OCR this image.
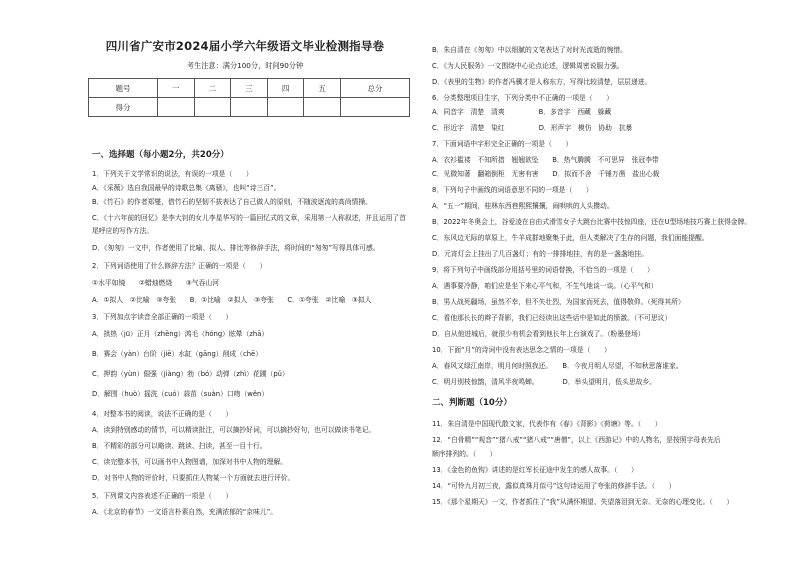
四川省广安市2024届小学六年级语文毕业检测指导卷
考生注意：满分100分，时间90分钟
题号	一	二	三	四	五	总分
得分						
一、选择题（每小题2分，共20分）
1．下列关于文学常识的说法，有误的一项是（　　）
A．《采薇》选自我国最早的诗歌总集《离骚》，也叫“诗三百”。
B．《竹石》的作者郑燮，借竹石的坚韧不拔表达了自己做人的原则，不随波逐流的高尚情操。
C．《十六年前的回忆》是李大钊的女儿李星华写的一篇回忆式的文章，采用第一人称叙述，并且运用了首
尾呼应的写作方法。
D．《匆匆》一文中，作者使用了比喻、拟人、排比等修辞手法，将时间的“匆匆”写得具体可感。
2．下列词语使用了什么修辞方法？正确的一项是（　　）
①水平如镜　　②蜡烛燃烧　　③气吞山河
A．①拟人　②比喻　③夸张　　B．①比喻　②拟人　③夸张　　C．①夸张　②比喻　③拟人
3．下列加点字读音全部正确的一项是（　　）
A．拱热（jū）正月（zhēng）鸿毛（hóng）眩晕（zhā）
B．赛会（yàn）台阶（jiē）水缸（gāng）削成（chē）
C．押韵（yùn）倔强（jiàng）勃（bó）动弹（zhì）花圃（pǔ）
D．解围（huò）摇洗（cuó）蒜苗（suàn）口吻（wěn）
4．对整本书的阅读，说法不正确的是（　　）
A．读到特别感动的情节，可以精读批注，可以摘抄好词，可以摘抄好句，也可以做读书笔记。
B．不精彩的部分可以略读、跳读、扫读，甚至一目十行。
C．读完整本书，可以画书中人物图谱，加深对书中人物的理解。
D．对书中人物的评价时，只要抓住人物某一个方面就去进行评价。
5．下列课文内容表述不正确的一项是（　　）
A．《北京的春节》一文语言朴素自然，充满浓郁的“京味儿”。
B．朱自清在《匆匆》中以细腻的文笔表达了对时光流逝的惋惜。
C．《为人民服务》一文围绕中心论点论述，逻辑周密说服力强。
D．《表里的生物》的作者冯骥才是人称东方，写得比较清楚，层层递进。
6．分类整理项目生字，下列分类中不正确的一项是（　　）
A．同音字　清楚　清爽　　　　　B．多音字　西藏　躲藏
C．形近字　清楚　染红　　　　　D．形声字　模仿　协助　抗暴
7．下面词语中字形完全正确的一项是（　　）
A．衣衫褴褛　不知所措　翘翘欲坠　　B．热气腾腾　不可思异　张冠李带
C．见微知著　翻箱倒柜　无害有害　　D．拟而不舍　千锤万凿　盐出心裁
8．下列句子中画线的词语意思不同的一项是（　　）
A．“五一”期间，桂林东西巷熙熙攘攘，闹哄哄的人头攒动。
B．2022年冬奥会上，谷爱凌在自由式滑雪女子大跳台比赛中技惊四座，还在U型场地技巧赛上获得金牌。
C．东风边无际的草原上，牛羊成群地聚集于此，但人类解决了生存的问题，我们面能提醒。
D．元宵灯会上挂出了几百盏灯；有的一排排地挂，有的是一盏盏地挂。
9．将下列句子中画线部分用括号里的词语替换，不恰当的一项是（　　）
A．遇事要冷静，咱们应是坐下来心平气和，不生气地谈一谈。（心平气和）
B．男人战死疆场，虽然不幸，但不失壮烈，为国家而死去，值得敬仰。（死得其所）
C．看他那长长的辫子背影，我们已经读出这些话中是如此的愤激。（不可思议）
D．自从他进城后，就很少有机会看到他长年上台演戏了。（粉墨登场）
10．下面“月”的诗词中没有表达思念之情的一项是（　　）
A．春风又绿江南岸，明月何时照我还。　　B．今夜月明人尽望，不知秋思落谁家。
C．明月别枝惊鹊，清风半夜鸣蝉。　　　　D．举头望明月，低头思故乡。
二、判断题（10分）
11．朱自清是中国现代散文家，代表作有《春》《背影》《荷塘》等。（　　）
12．“白骨精”“观音”“猪八戒”“猪八戒”“唐僧”，以上《西游记》中的人物名，是按照字母表先后
顺序排列的。（　　）
13．《金色的鱼钩》讲述的是红军长征途中发生的感人故事。（　　）
14．“可怜九月初三夜，露似真珠月似弓”这句诗运用了夸张的修辞手法。（　　）
15．《那个星期天》一文，作者抓住了“我”从满怀期望、失望落泪到无奈、无奈的心理变化。（　　）
